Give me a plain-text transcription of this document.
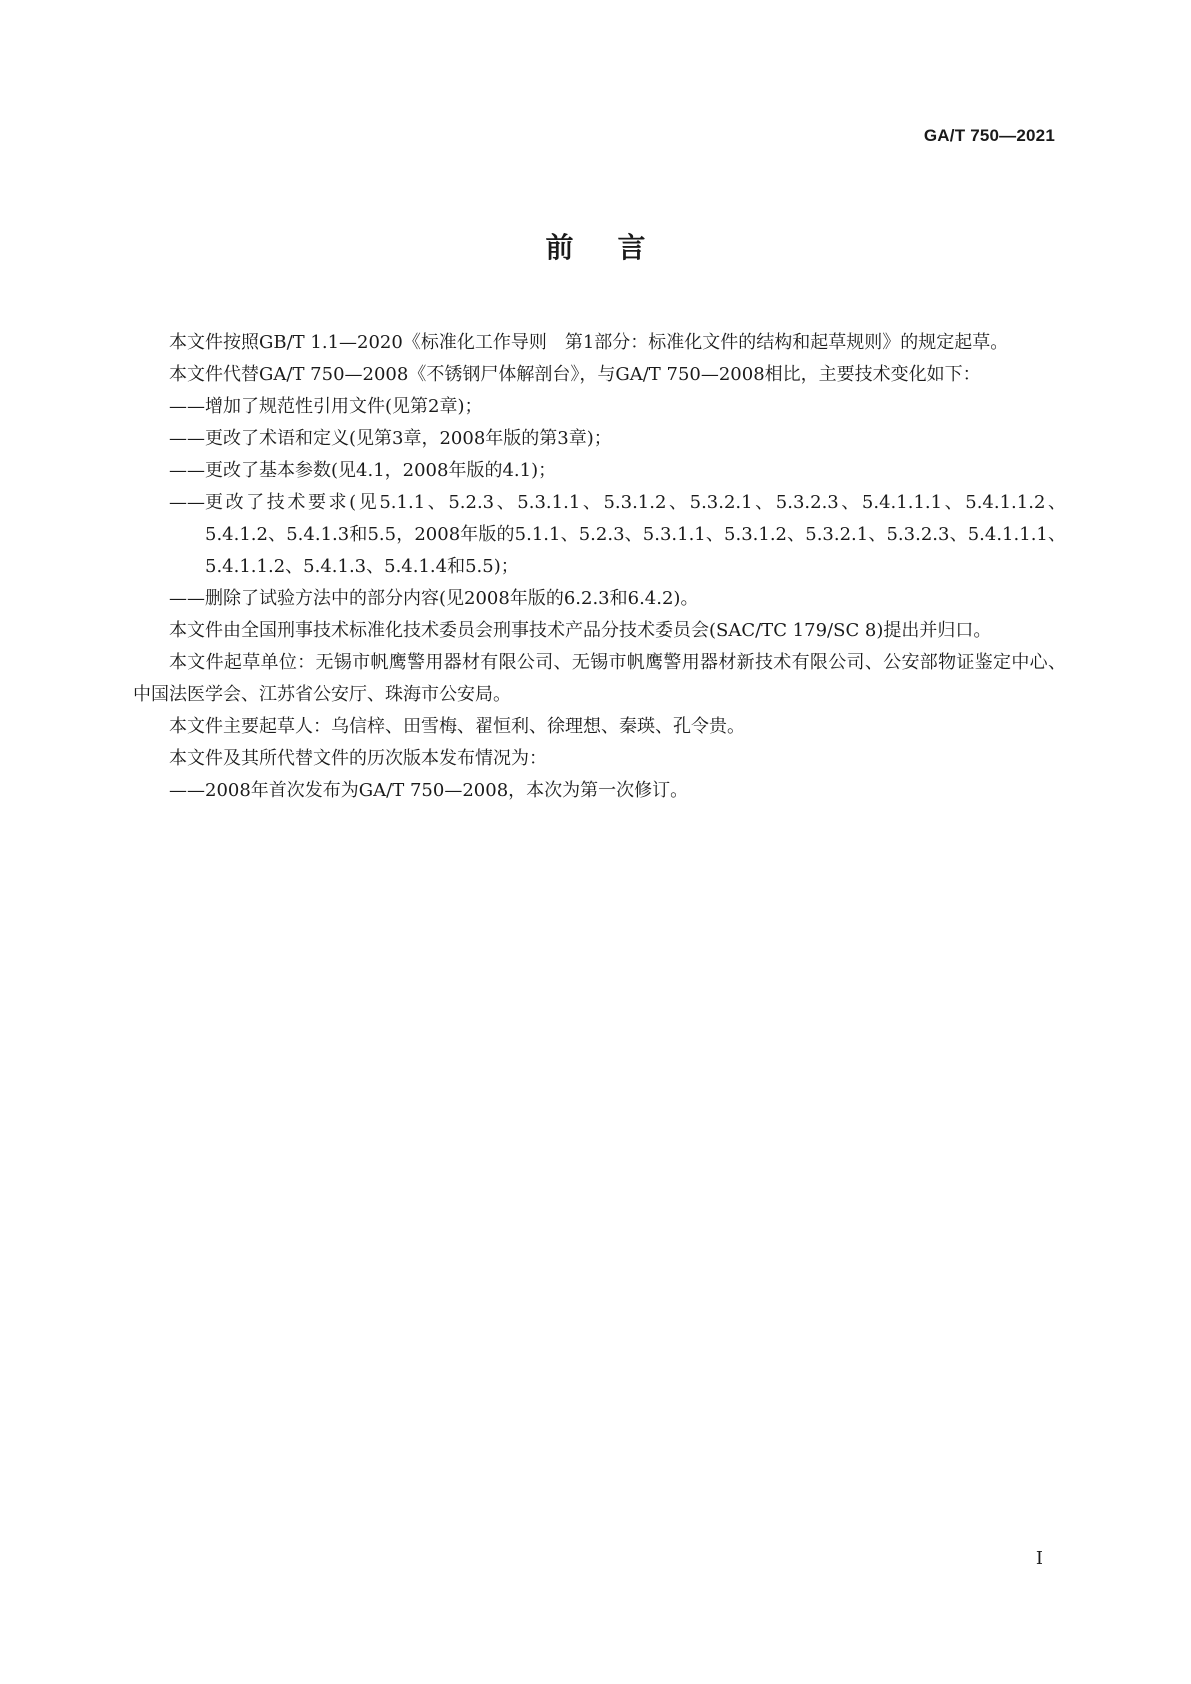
GA/T 750—2021
前言

本文件按照GB/T 1.1—2020《标准化工作导则　第1部分：标准化文件的结构和起草规则》的规定起草。

本文件代替GA/T 750—2008《不锈钢尸体解剖台》，与GA/T 750—2008相比，主要技术变化如下：

—— 增加了规范性引用文件(见第2章)；
—— 更改了术语和定义(见第3章，2008年版的第3章)；
—— 更改了基本参数(见4.1，2008年版的4.1)；
—— 更改了技术要求(见5.1.1、5.2.3、5.3.1.1、5.3.1.2、5.3.2.1、5.3.2.3、5.4.1.1.1、5.4.1.1.2、5.4.1.2、5.4.1.3和5.5，2008年版的5.1.1、5.2.3、5.3.1.1、5.3.1.2、5.3.2.1、5.3.2.3、5.4.1.1.1、5.4.1.1.2、5.4.1.3、5.4.1.4和5.5)；
—— 删除了试验方法中的部分内容(见2008年版的6.2.3和6.4.2)。

本文件由全国刑事技术标准化技术委员会刑事技术产品分技术委员会(SAC/TC 179/SC 8)提出并归口。

本文件起草单位：无锡市帆鹰警用器材有限公司、无锡市帆鹰警用器材新技术有限公司、公安部物证鉴定中心、中国法医学会、江苏省公安厅、珠海市公安局。

本文件主要起草人：乌信梓、田雪梅、翟恒利、徐理想、秦瑛、孔令贵。

本文件及其所代替文件的历次版本发布情况为：

—— 2008年首次发布为GA/T 750—2008，本次为第一次修订。
I
